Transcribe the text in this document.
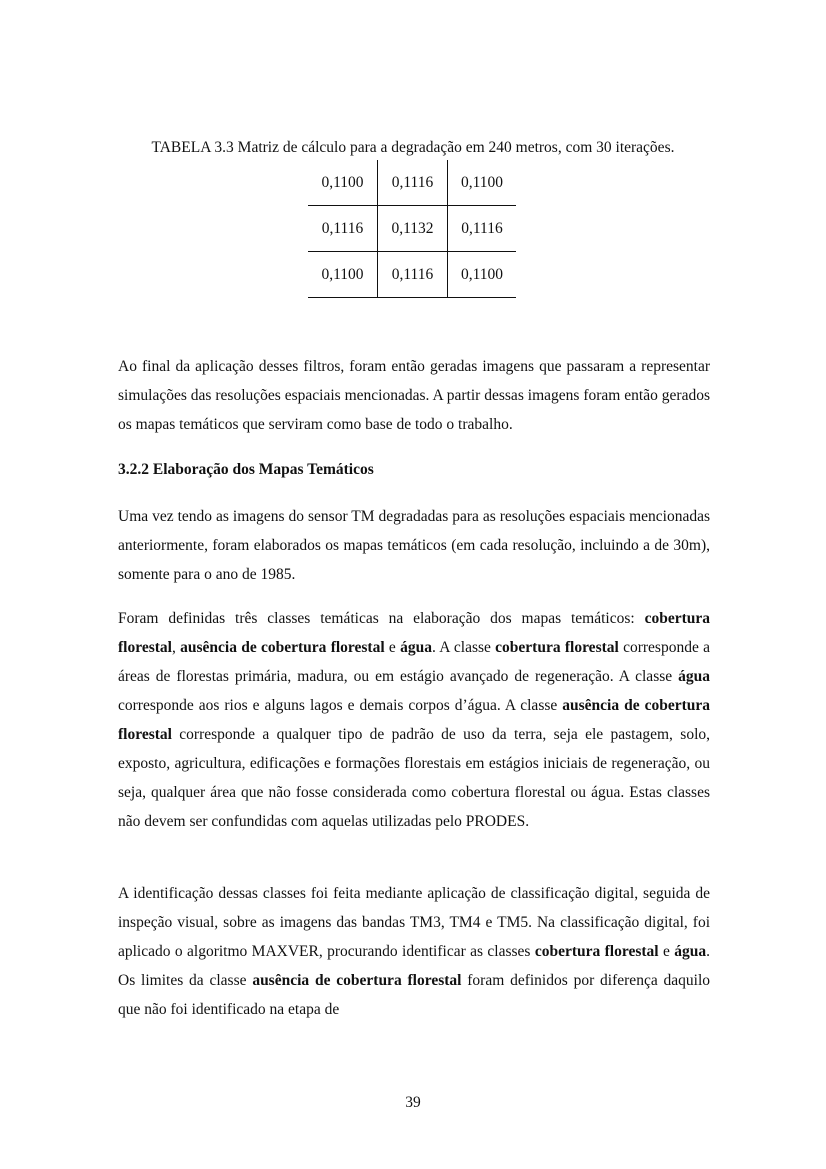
TABELA 3.3 Matriz de cálculo para a degradação em 240 metros, com 30 iterações.
0,1100	0,1116	0,1100
0,1116	0,1132	0,1116
0,1100	0,1116	0,1100

Ao final da aplicação desses filtros, foram então geradas imagens que passaram a representar simulações das resoluções espaciais mencionadas. A partir dessas imagens foram então gerados os mapas temáticos que serviram como base de todo o trabalho.

3.2.2 Elaboração dos Mapas Temáticos

Uma vez tendo as imagens do sensor TM degradadas para as resoluções espaciais mencionadas anteriormente, foram elaborados os mapas temáticos (em cada resolução, incluindo a de 30m), somente para o ano de 1985.

Foram definidas três classes temáticas na elaboração dos mapas temáticos: cobertura florestal, ausência de cobertura florestal e água. A classe cobertura florestal corresponde a áreas de florestas primária, madura, ou em estágio avançado de regeneração. A classe água corresponde aos rios e alguns lagos e demais corpos d’água. A classe ausência de cobertura florestal corresponde a qualquer tipo de padrão de uso da terra, seja ele pastagem, solo, exposto, agricultura, edificações e formações florestais em estágios iniciais de regeneração, ou seja, qualquer área que não fosse considerada como cobertura florestal ou água. Estas classes não devem ser confundidas com aquelas utilizadas pelo PRODES.

A identificação dessas classes foi feita mediante aplicação de classificação digital, seguida de inspeção visual, sobre as imagens das bandas TM3, TM4 e TM5. Na classificação digital, foi aplicado o algoritmo MAXVER, procurando identificar as classes cobertura florestal e água. Os limites da classe ausência de cobertura florestal foram definidos por diferença daquilo que não foi identificado na etapa de

39
